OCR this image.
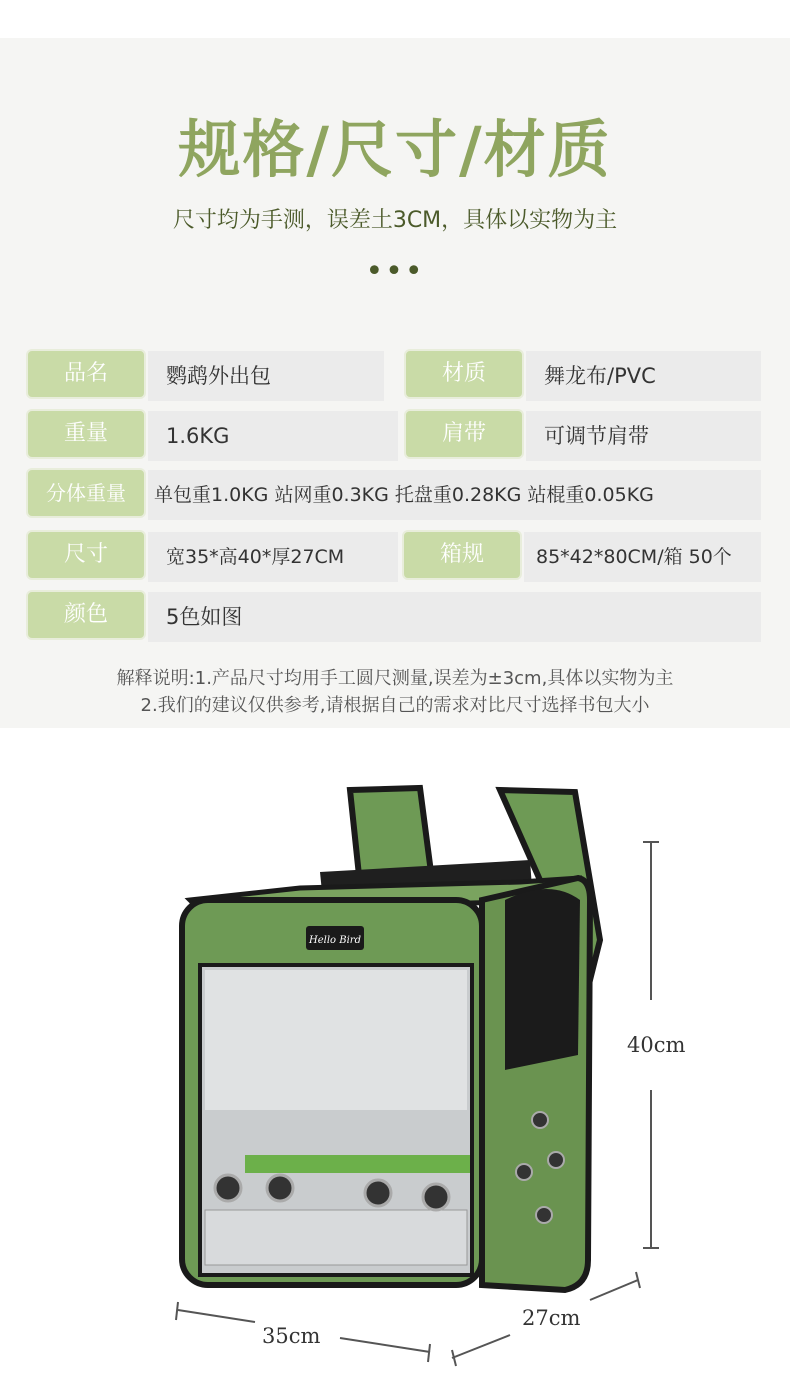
规格/尺寸/材质
尺寸均为手测，误差土3CM，具体以实物为主
•••
品名	鹦鹉外出包	材质	舞龙布/PVC
重量	1.6KG	肩带	可调节肩带
分体重量	单包重1.0KG 站网重0.3KG 托盘重0.28KG 站棍重0.05KG
尺寸	宽35*高40*厚27CM	箱规	85*42*80CM/箱 50个
颜色	5色如图
解释说明:1.产品尺寸均用手工圆尺测量,误差为±3cm,具体以实物为主
2.我们的建议仅供参考,请根据自己的需求对比尺寸选择书包大小
Hello Bird
40cm
35cm
27cm
